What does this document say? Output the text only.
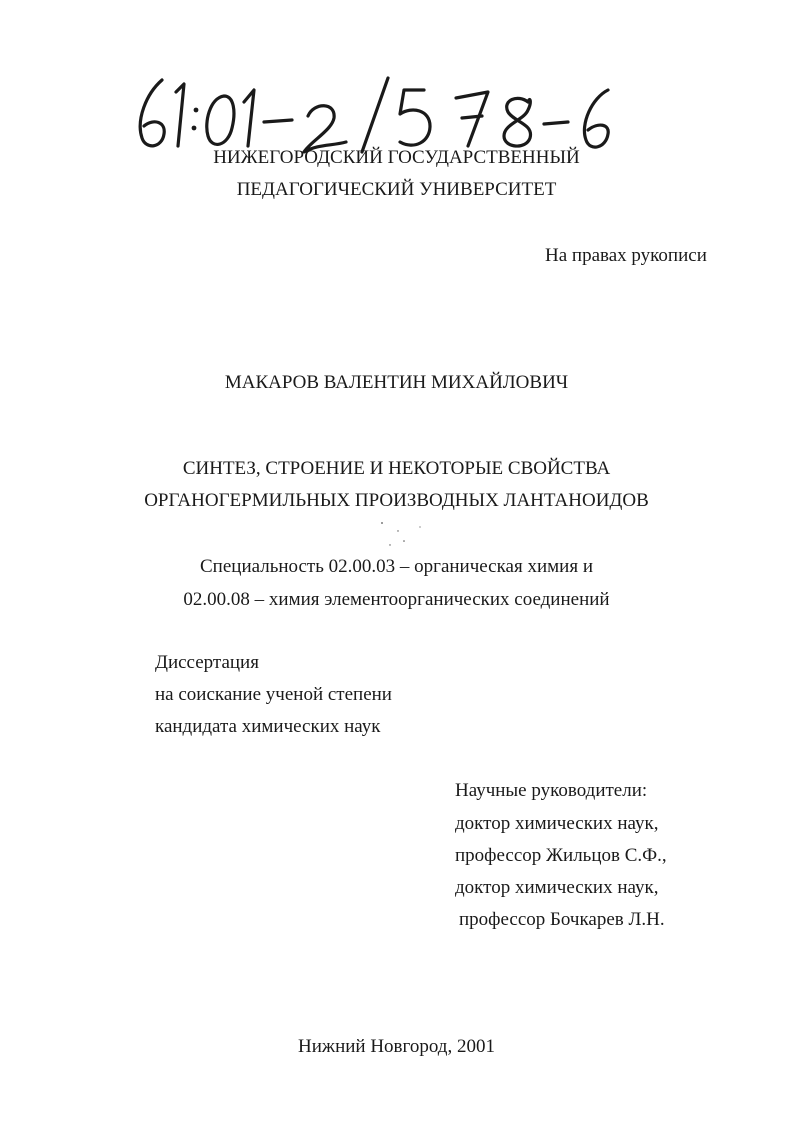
НИЖЕГОРОДСКИЙ ГОСУДАРСТВЕННЫЙ
ПЕДАГОГИЧЕСКИЙ УНИВЕРСИТЕТ
На правах рукописи
МАКАРОВ ВАЛЕНТИН МИХАЙЛОВИЧ
СИНТЕЗ, СТРОЕНИЕ И НЕКОТОРЫЕ СВОЙСТВА
ОРГАНОГЕРМИЛЬНЫХ ПРОИЗВОДНЫХ ЛАНТАНОИДОВ
Специальность 02.00.03 – органическая химия и
02.00.08 – химия элементоорганических соединений
Диссертация
на соискание ученой степени
кандидата химических наук
Научные руководители:
доктор химических наук,
профессор Жильцов С.Ф.,
доктор химических наук,
профессор Бочкарев Л.Н.
Нижний Новгород, 2001
